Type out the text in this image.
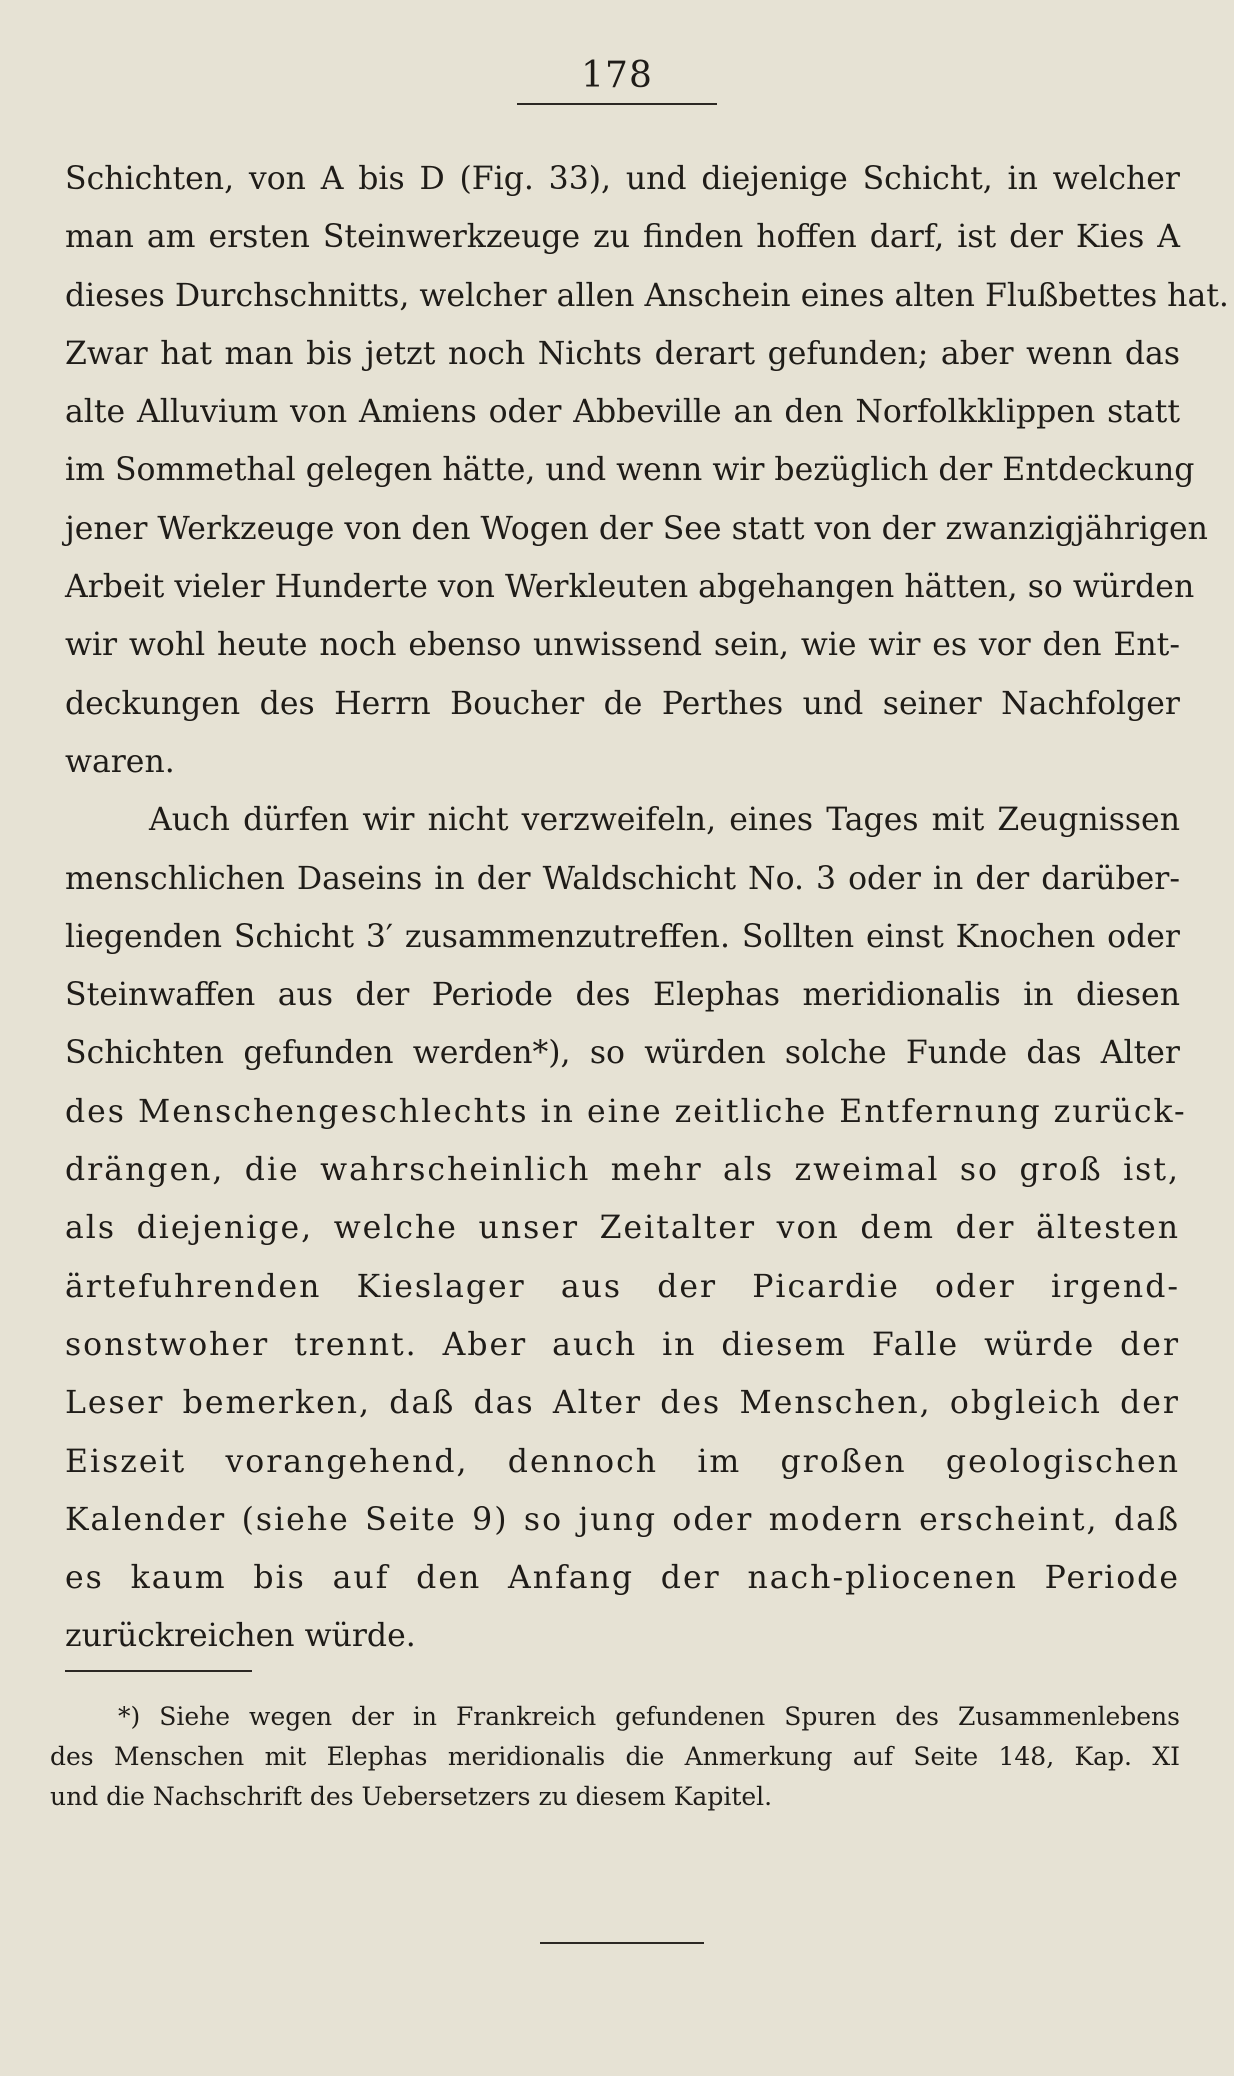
178
Schichten, von A bis D (Fig. 33), und diejenige Schicht, in welcher
man am ersten Steinwerkzeuge zu finden hoffen darf, ist der Kies A
dieses Durchschnitts, welcher allen Anschein eines alten Flußbettes hat.
Zwar hat man bis jetzt noch Nichts derart gefunden; aber wenn das
alte Alluvium von Amiens oder Abbeville an den Norfolkklippen statt
im Sommethal gelegen hätte, und wenn wir bezüglich der Entdeckung
jener Werkzeuge von den Wogen der See statt von der zwanzigjährigen
Arbeit vieler Hunderte von Werkleuten abgehangen hätten, so würden
wir wohl heute noch ebenso unwissend sein, wie wir es vor den Ent-
deckungen des Herrn Boucher de Perthes und seiner Nachfolger
waren.
Auch dürfen wir nicht verzweifeln, eines Tages mit Zeugnissen
menschlichen Daseins in der Waldschicht No. 3 oder in der darüber-
liegenden Schicht 3′ zusammenzutreffen. Sollten einst Knochen oder
Steinwaffen aus der Periode des Elephas meridionalis in diesen
Schichten gefunden werden*), so würden solche Funde das Alter
des Menschengeschlechts in eine zeitliche Entfernung zurück-
drängen, die wahrscheinlich mehr als zweimal so groß ist,
als diejenige, welche unser Zeitalter von dem der ältesten
ärtefuhrenden Kieslager aus der Picardie oder irgend-
sonstwoher trennt. Aber auch in diesem Falle würde der
Leser bemerken, daß das Alter des Menschen, obgleich der
Eiszeit vorangehend, dennoch im großen geologischen
Kalender (siehe Seite 9) so jung oder modern erscheint, daß
es kaum bis auf den Anfang der nach-pliocenen Periode
zurückreichen würde.
*) Siehe wegen der in Frankreich gefundenen Spuren des Zusammenlebens
des Menschen mit Elephas meridionalis die Anmerkung auf Seite 148, Kap. XI
und die Nachschrift des Uebersetzers zu diesem Kapitel.
